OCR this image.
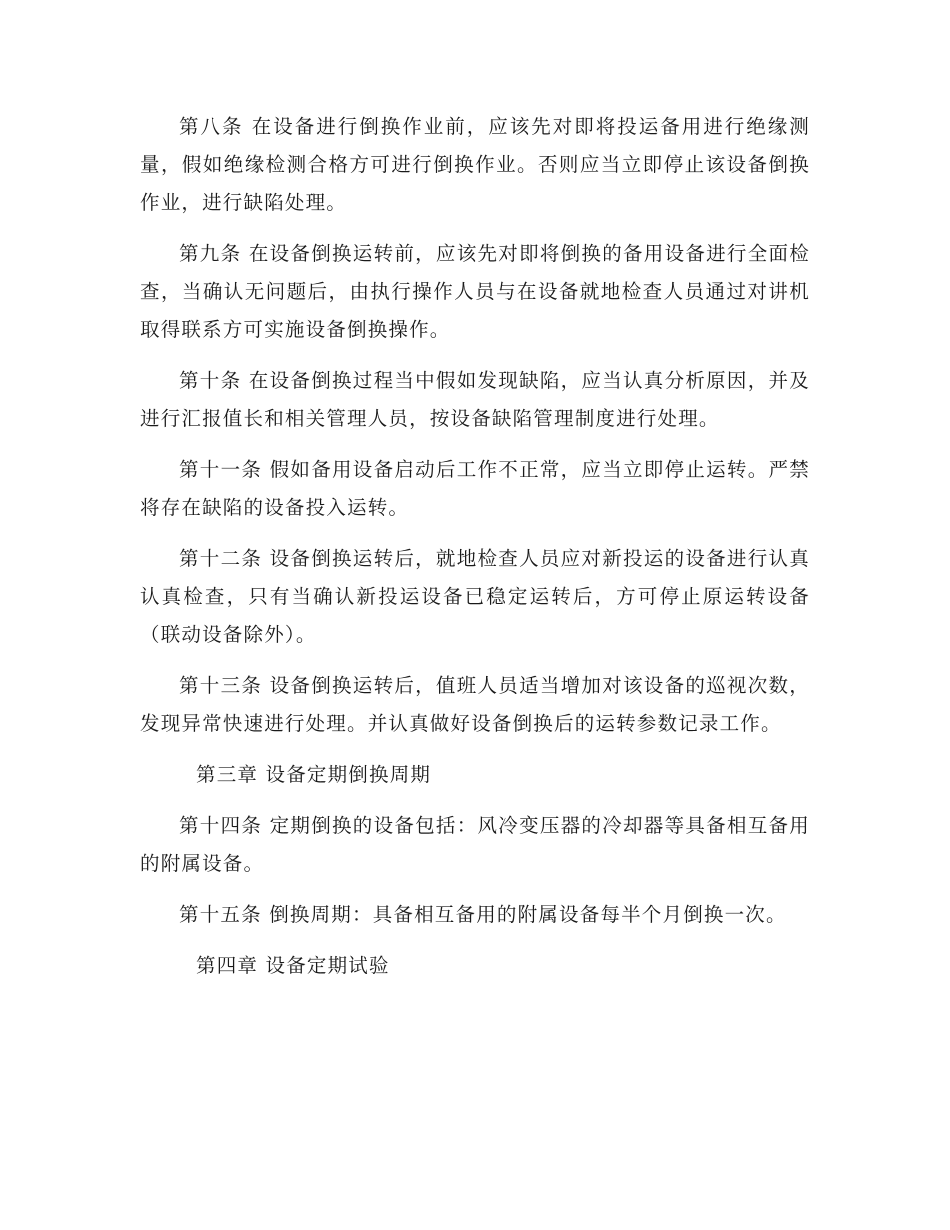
第八条 在设备进行倒换作业前，应该先对即将投运备用进行绝缘测量，假如绝缘检测合格方可进行倒换作业。否则应当立即停止该设备倒换作业，进行缺陷处理。

第九条 在设备倒换运转前，应该先对即将倒换的备用设备进行全面检查，当确认无问题后，由执行操作人员与在设备就地检查人员通过对讲机取得联系方可实施设备倒换操作。

第十条 在设备倒换过程当中假如发现缺陷，应当认真分析原因，并及进行汇报值长和相关管理人员，按设备缺陷管理制度进行处理。

第十一条 假如备用设备启动后工作不正常，应当立即停止运转。严禁将存在缺陷的设备投入运转。

第十二条 设备倒换运转后，就地检查人员应对新投运的设备进行认真认真检查，只有当确认新投运设备已稳定运转后，方可停止原运转设备（联动设备除外）。

第十三条 设备倒换运转后，值班人员适当增加对该设备的巡视次数，发现异常快速进行处理。并认真做好设备倒换后的运转参数记录工作。

第三章 设备定期倒换周期

第十四条 定期倒换的设备包括：风冷变压器的冷却器等具备相互备用的附属设备。

第十五条 倒换周期：具备相互备用的附属设备每半个月倒换一次。

第四章 设备定期试验
